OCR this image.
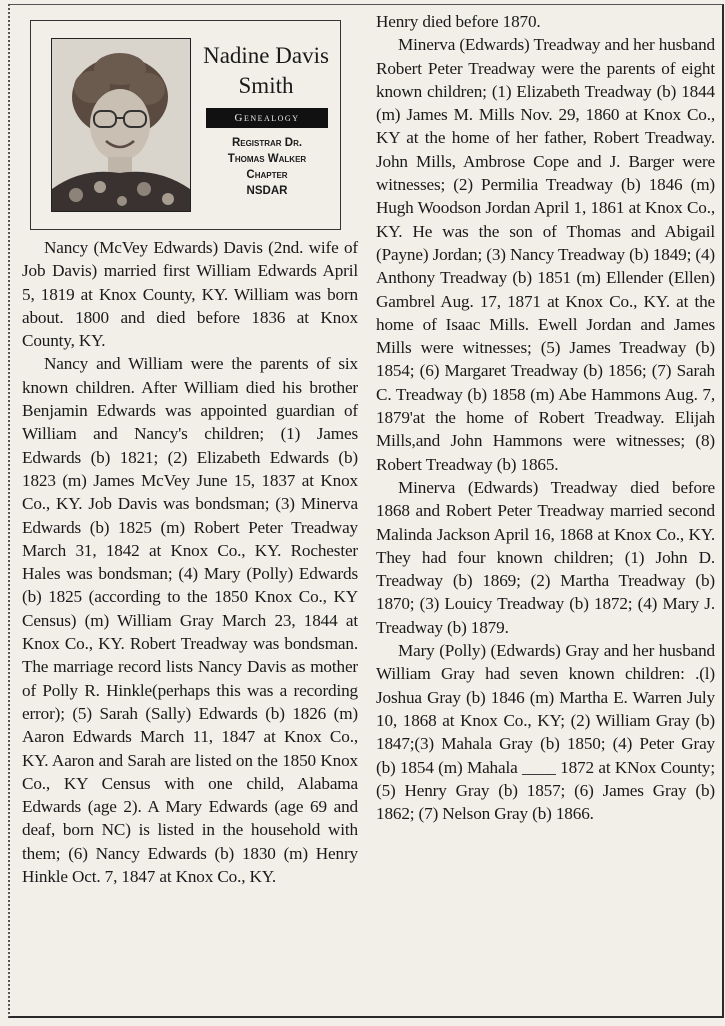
Nadine Davis Smith
Genealogy
Registrar Dr.
Thomas Walker
Chapter
NSDAR

Nancy (McVey Edwards) Davis (2nd. wife of Job Davis) married first William Edwards April 5, 1819 at Knox County, KY. William was born about. 1800 and died before 1836 at Knox County, KY.

Nancy and William were the parents of six known children. After William died his brother Benjamin Edwards was appointed guardian of William and Nancy's children; (1) James Edwards (b) 1821; (2) Elizabeth Edwards (b) 1823 (m) James McVey June 15, 1837 at Knox Co., KY. Job Davis was bondsman; (3) Minerva Edwards (b) 1825 (m) Robert Peter Treadway March 31, 1842 at Knox Co., KY. Rochester Hales was bondsman; (4) Mary (Polly) Edwards (b) 1825 (according to the 1850 Knox Co., KY Census) (m) William Gray March 23, 1844 at Knox Co., KY. Robert Treadway was bondsman. The marriage record lists Nancy Davis as mother of Polly R. Hinkle(perhaps this was a recording error); (5) Sarah (Sally) Edwards (b) 1826 (m) Aaron Edwards March 11, 1847 at Knox Co., KY. Aaron and Sarah are listed on the 1850 Knox Co., KY Census with one child, Alabama Edwards (age 2). A Mary Edwards (age 69 and deaf, born NC) is listed in the household with them; (6) Nancy Edwards (b) 1830 (m) Henry Hinkle Oct. 7, 1847 at Knox Co., KY.

Henry died before 1870.

Minerva (Edwards) Treadway and her husband Robert Peter Treadway were the parents of eight known children; (1) Elizabeth Treadway (b) 1844 (m) James M. Mills Nov. 29, 1860 at Knox Co., KY at the home of her father, Robert Treadway. John Mills, Ambrose Cope and J. Barger were witnesses; (2) Permilia Treadway (b) 1846 (m) Hugh Woodson Jordan April 1, 1861 at Knox Co., KY. He was the son of Thomas and Abigail (Payne) Jordan; (3) Nancy Treadway (b) 1849; (4) Anthony Treadway (b) 1851 (m) Ellender (Ellen) Gambrel Aug. 17, 1871 at Knox Co., KY. at the home of Isaac Mills. Ewell Jordan and James Mills were witnesses; (5) James Treadway (b) 1854; (6) Margaret Treadway (b) 1856; (7) Sarah C. Treadway (b) 1858 (m) Abe Hammons Aug. 7, 1879'at the home of Robert Treadway. Elijah Mills,and John Hammons were witnesses; (8) Robert Treadway (b) 1865.

Minerva (Edwards) Treadway died before 1868 and Robert Peter Treadway married second Malinda Jackson April 16, 1868 at Knox Co., KY. They had four known children; (1) John D. Treadway (b) 1869; (2) Martha Treadway (b) 1870; (3) Louicy Treadway (b) 1872; (4) Mary J. Treadway (b) 1879.

Mary (Polly) (Edwards) Gray and her husband William Gray had seven known children: .(l) Joshua Gray (b) 1846 (m) Martha E. Warren July 10, 1868 at Knox Co., KY; (2) William Gray (b) 1847;(3) Mahala Gray (b) 1850; (4) Peter Gray (b) 1854 (m) Mahala ____ 1872 at KNox County; (5) Henry Gray (b) 1857; (6) James Gray (b) 1862; (7) Nelson Gray (b) 1866.
